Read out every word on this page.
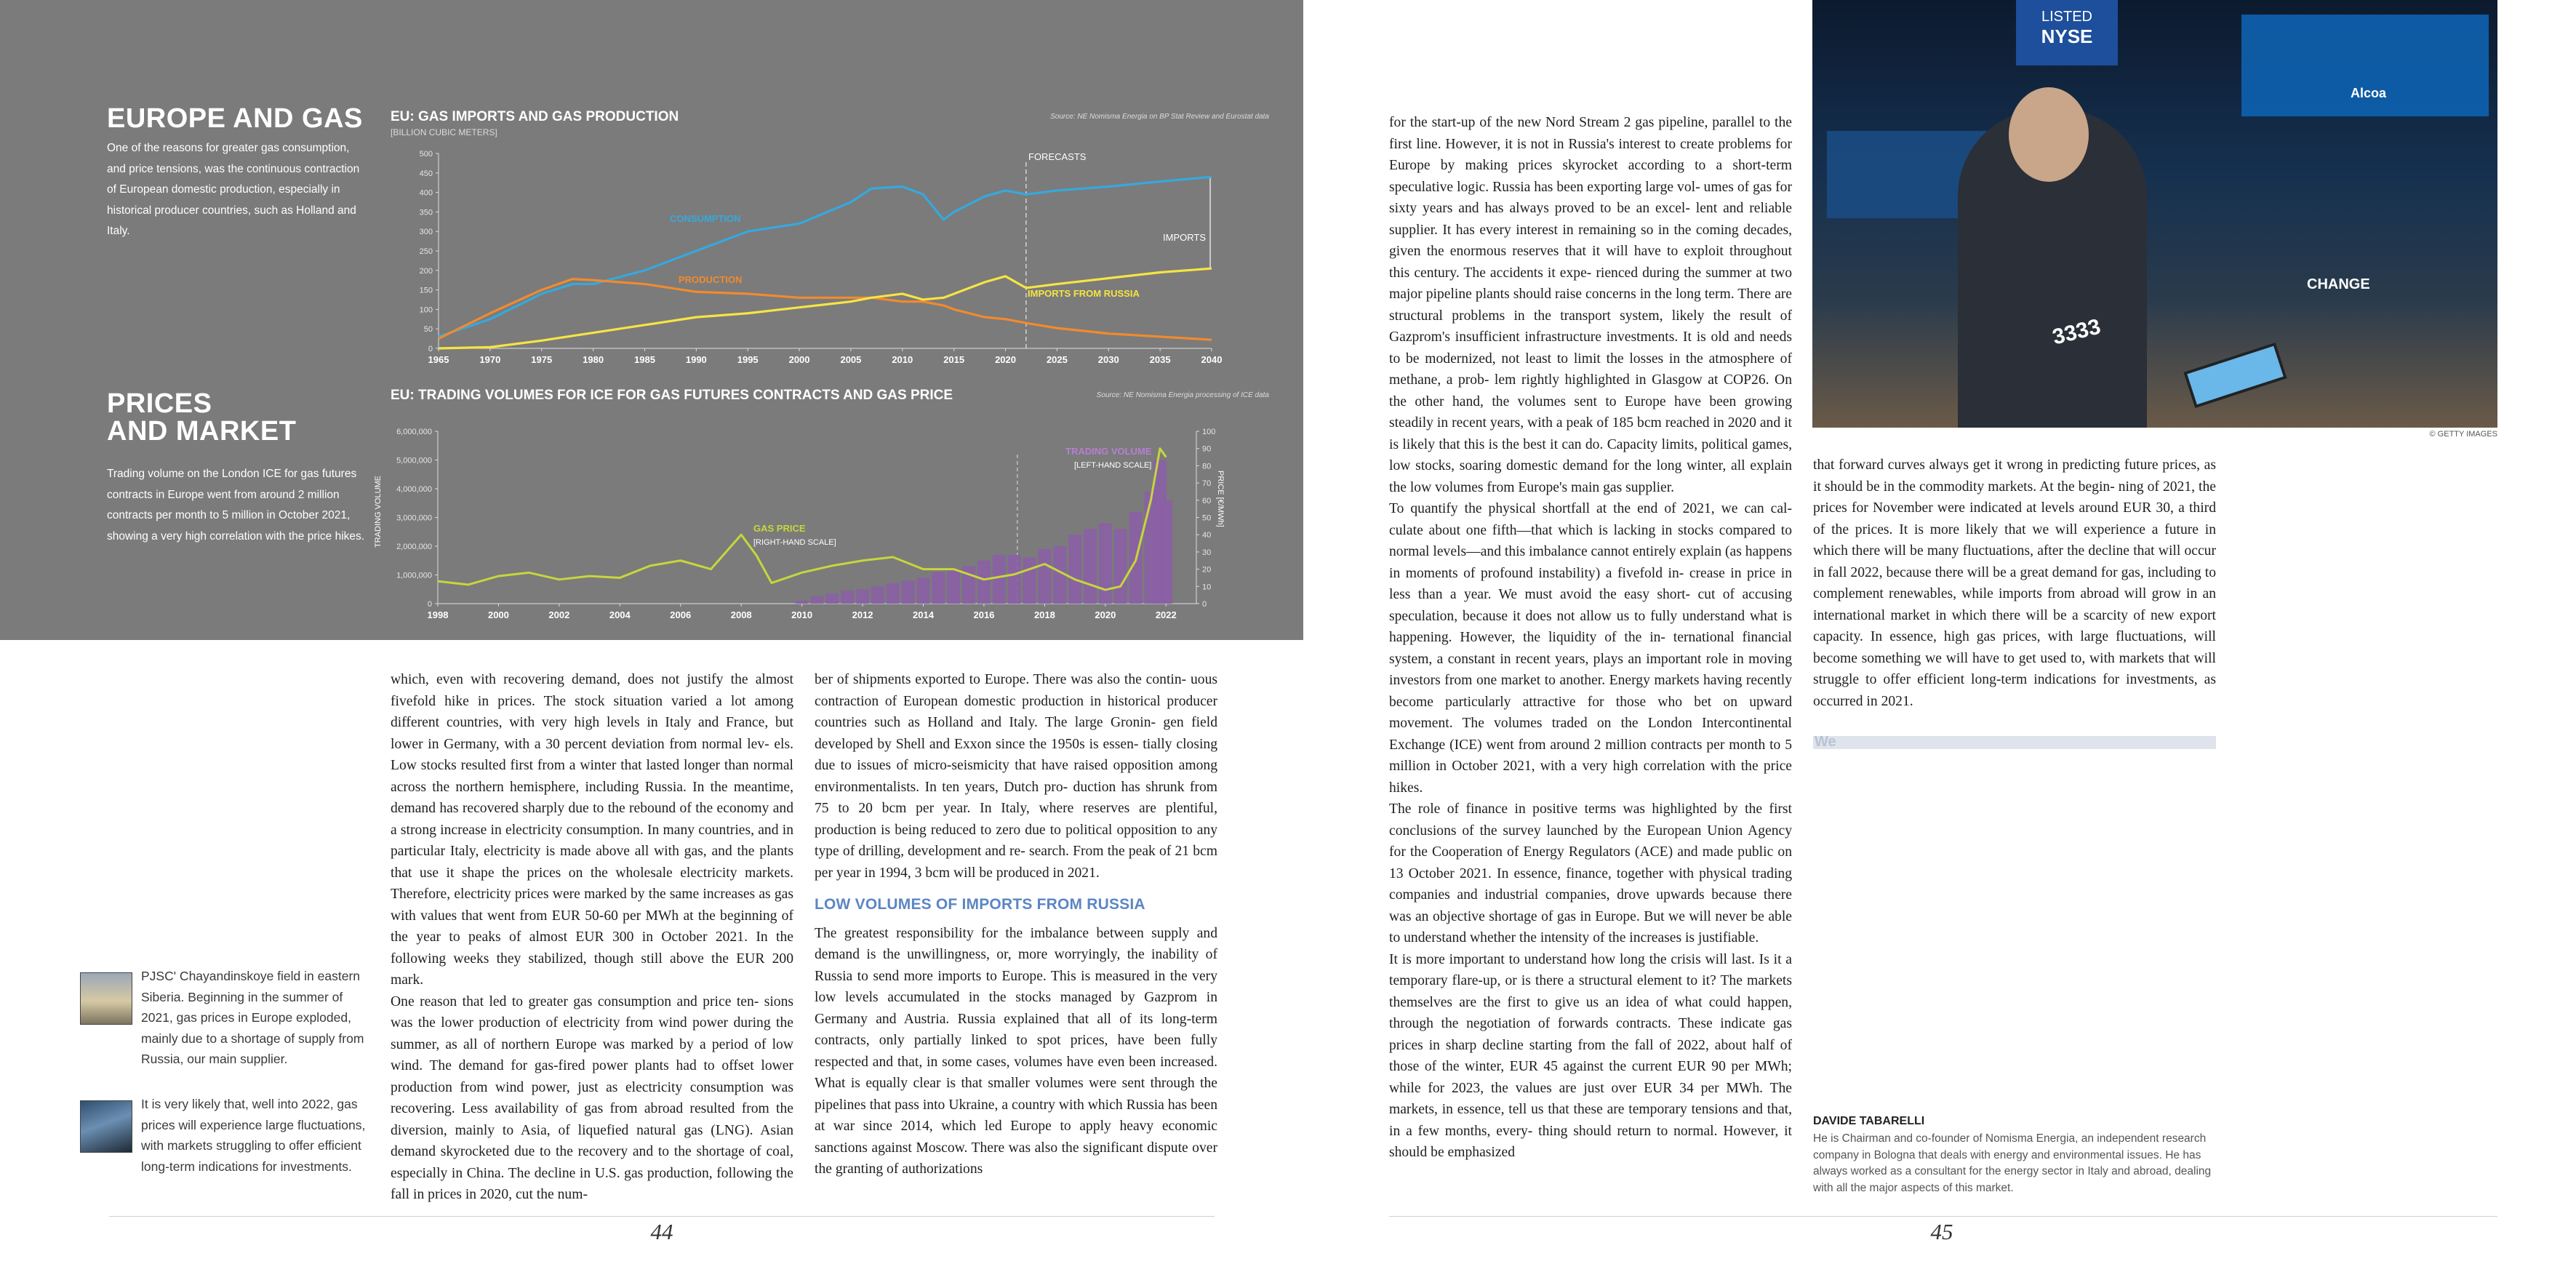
EUROPE AND GAS

One of the reasons for greater gas consumption, and price tensions, was the continuous contraction of European domestic production, especially in historical producer countries, such as Holland and Italy.

PRICES
AND MARKET

Trading volume on the London ICE for gas futures contracts in Europe went from around 2 million contracts per month to 5 million in October 2021, showing a very high correlation with the price hikes.

EU: GAS IMPORTS AND GAS PRODUCTION

[BILLION CUBIC METERS]

Source: NE Nomisma Energia on BP Stat Review and Eurostat data

0
50
100
150
200
250
300
350
400
450
500
1965	1970	1975	1980	1985	1990	1995	2000	2005	2010	2015	2020	2025	2030	2035	2040
FORECASTS
IMPORTS
CONSUMPTION
PRODUCTION
IMPORTS FROM RUSSIA

EU: TRADING VOLUMES FOR ICE FOR GAS FUTURES CONTRACTS AND GAS PRICE	Source: NE Nomisma Energia processing of ICE data

0
1,000,000
2,000,000
3,000,000
4,000,000
5,000,000
6,000,000
0
10
20
30
40
50
60
70
80
90
100
1998	2000	2002	2004	2006	2008	2010	2012	2014	2016	2018	2020	2022
TRADING VOLUME	PRICE [€/MWh]
TRADING VOLUME
[LEFT-HAND SCALE]
GAS PRICE
[RIGHT-HAND SCALE]

which, even with recovering demand, does not justify the almost fivefold hike in prices. The stock situation varied a lot among different countries, with very high levels in Italy and France, but lower in Germany, with a 30 percent deviation from normal lev- els. Low stocks resulted first from a winter that lasted longer than normal across the northern hemisphere, including Russia. In the meantime, demand has recovered sharply due to the rebound of the economy and a strong increase in electricity consumption. In many countries, and in particular Italy, electricity is made above all with gas, and the plants that use it shape the prices on the wholesale electricity markets. Therefore, electricity prices were marked by the same increases as gas with values that went from EUR 50-60 per MWh at the beginning of the year to peaks of almost EUR 300 in October 2021. In the following weeks they stabilized, though still above the EUR 200 mark.

One reason that led to greater gas consumption and price ten- sions was the lower production of electricity from wind power during the summer, as all of northern Europe was marked by a period of low wind. The demand for gas-fired power plants had to offset lower production from wind power, just as electricity consumption was recovering. Less availability of gas from abroad resulted from the diversion, mainly to Asia, of liquefied natural gas (LNG). Asian demand skyrocketed due to the recovery and to the shortage of coal, especially in China. The decline in U.S. gas production, following the fall in prices in 2020, cut the num-

ber of shipments exported to Europe. There was also the contin- uous contraction of European domestic production in historical producer countries such as Holland and Italy. The large Gronin- gen field developed by Shell and Exxon since the 1950s is essen- tially closing due to issues of micro-seismicity that have raised opposition among environmentalists. In ten years, Dutch pro- duction has shrunk from 75 to 20 bcm per year. In Italy, where reserves are plentiful, production is being reduced to zero due to political opposition to any type of drilling, development and re- search. From the peak of 21 bcm per year in 1994, 3 bcm will be produced in 2021.

LOW VOLUMES OF IMPORTS FROM RUSSIA

The greatest responsibility for the imbalance between supply and demand is the unwillingness, or, more worryingly, the inability of Russia to send more imports to Europe. This is measured in the very low levels accumulated in the stocks managed by Gazprom in Germany and Austria. Russia explained that all of its long-term contracts, only partially linked to spot prices, have been fully respected and that, in some cases, volumes have even been increased. What is equally clear is that smaller volumes were sent through the pipelines that pass into Ukraine, a country with which Russia has been at war since 2014, which led Europe to apply heavy economic sanctions against Moscow. There was also the significant dispute over the granting of authorizations

PJSC' Chayandinskoye field in eastern Siberia. Beginning in the summer of 2021, gas prices in Europe exploded, mainly due to a shortage of supply from Russia, our main supplier.

It is very likely that, well into 2022, gas prices will experience large fluctuations, with markets struggling to offer efficient long-term indications for investments.

44

for the start-up of the new Nord Stream 2 gas pipeline, parallel to the first line. However, it is not in Russia's interest to create problems for Europe by making prices skyrocket according to a short-term speculative logic. Russia has been exporting large vol- umes of gas for sixty years and has always proved to be an excel- lent and reliable supplier. It has every interest in remaining so in the coming decades, given the enormous reserves that it will have to exploit throughout this century. The accidents it expe- rienced during the summer at two major pipeline plants should raise concerns in the long term. There are structural problems in the transport system, likely the result of Gazprom's insufficient infrastructure investments. It is old and needs to be modernized, not least to limit the losses in the atmosphere of methane, a prob- lem rightly highlighted in Glasgow at COP26. On the other hand, the volumes sent to Europe have been growing steadily in recent years, with a peak of 185 bcm reached in 2020 and it is likely that this is the best it can do. Capacity limits, political games, low stocks, soaring domestic demand for the long winter, all explain the low volumes from Europe's main gas supplier.

To quantify the physical shortfall at the end of 2021, we can cal- culate about one fifth—that which is lacking in stocks compared to normal levels—and this imbalance cannot entirely explain (as happens in moments of profound instability) a fivefold in- crease in price in less than a year. We must avoid the easy short- cut of accusing speculation, because it does not allow us to fully understand what is happening. However, the liquidity of the in- ternational financial system, a constant in recent years, plays an important role in moving investors from one market to another. Energy markets having recently become particularly attractive for those who bet on upward movement. The volumes traded on the London Intercontinental Exchange (ICE) went from around 2 million contracts per month to 5 million in October 2021, with a very high correlation with the price hikes.

The role of finance in positive terms was highlighted by the first conclusions of the survey launched by the European Union Agency for the Cooperation of Energy Regulators (ACE) and made public on 13 October 2021. In essence, finance, together with physical trading companies and industrial companies, drove upwards because there was an objective shortage of gas in Europe. But we will never be able to understand whether the intensity of the increases is justifiable.

It is more important to understand how long the crisis will last. Is it a temporary flare-up, or is there a structural element to it? The markets themselves are the first to give us an idea of what could happen, through the negotiation of forwards contracts. These indicate gas prices in sharp decline starting from the fall of 2022, about half of those of the winter, EUR 45 against the current EUR 90 per MWh; while for 2023, the values are just over EUR 34 per MWh. The markets, in essence, tell us that these are temporary tensions and that, in a few months, every- thing should return to normal. However, it should be emphasized

LISTED
NYSE
Alcoa
CHANGE
3333
© GETTY IMAGES

that forward curves always get it wrong in predicting future prices, as it should be in the commodity markets. At the begin- ning of 2021, the prices for November were indicated at levels around EUR 30, a third of the prices. It is more likely that we will experience a future in which there will be many fluctuations, after the decline that will occur in fall 2022, because there will be a great demand for gas, including to complement renewables, while imports from abroad will grow in an international market in which there will be a scarcity of new export capacity. In essence, high gas prices, with large fluctuations, will become something we will have to get used to, with markets that will struggle to offer efficient long-term indications for investments, as occurred in 2021.

We

DAVIDE TABARELLI

He is Chairman and co-founder of Nomisma Energia, an independent research company in Bologna that deals with energy and environmental issues. He has always worked as a consultant for the energy sector in Italy and abroad, dealing with all the major aspects of this market.

45
